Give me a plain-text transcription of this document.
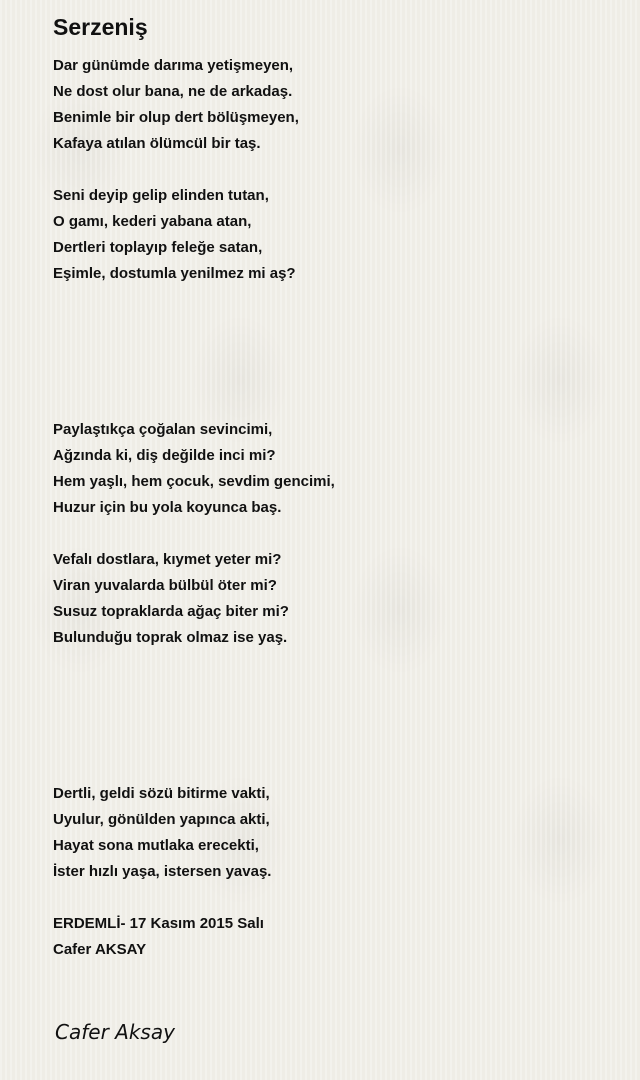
Serzeniş
Dar günümde darıma yetişmeyen,
Ne dost olur bana, ne de arkadaş.
Benimle bir olup dert bölüşmeyen,
Kafaya atılan ölümcül bir taş.
Seni deyip gelip elinden tutan,
O gamı, kederi yabana atan,
Dertleri toplayıp feleğe satan,
Eşimle, dostumla yenilmez mi aş?
Paylaştıkça çoğalan sevincimi,
Ağzında ki, diş değilde inci mi?
Hem yaşlı, hem çocuk, sevdim gencimi,
Huzur için bu yola koyunca baş.
Vefalı dostlara, kıymet yeter mi?
Viran yuvalarda bülbül öter mi?
Susuz topraklarda ağaç biter mi?
Bulunduğu toprak olmaz ise yaş.
Dertli, geldi sözü bitirme vakti,
Uyulur, gönülden yapınca akti,
Hayat sona mutlaka erecekti,
İster hızlı yaşa, istersen yavaş.
ERDEMLİ- 17 Kasım 2015 Salı
Cafer AKSAY
Cafer Aksay
